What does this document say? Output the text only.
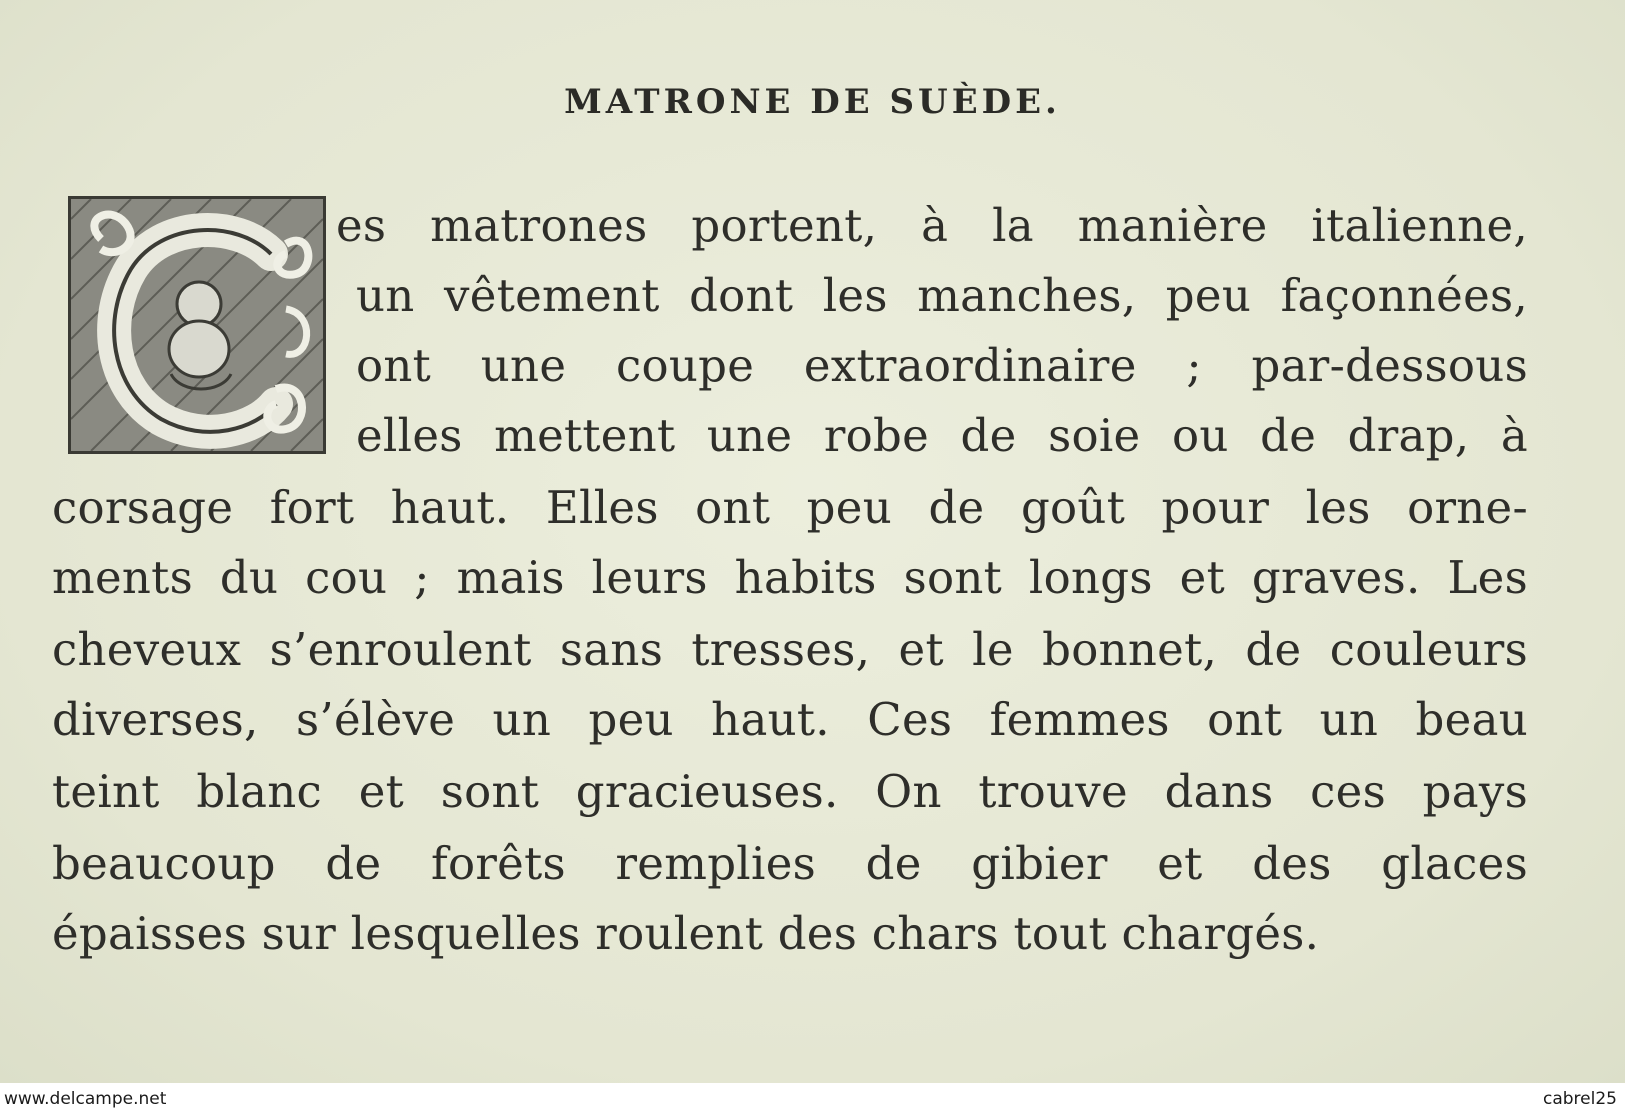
MATRONE DE SUÈDE.
es matrones portent, à la manière italienne,
un vêtement dont les manches, peu façonnées,
ont une coupe extraordinaire ; par-dessous
elles mettent une robe de soie ou de drap, à
corsage fort haut. Elles ont peu de goût pour les orne-
ments du cou ; mais leurs habits sont longs et graves. Les
cheveux s’enroulent sans tresses, et le bonnet, de couleurs
diverses, s’élève un peu haut. Ces femmes ont un beau
teint blanc et sont gracieuses. On trouve dans ces pays
beaucoup de forêts remplies de gibier et des glaces
épaisses sur lesquelles roulent des chars tout chargés.
www.delcampe.net	cabrel25
